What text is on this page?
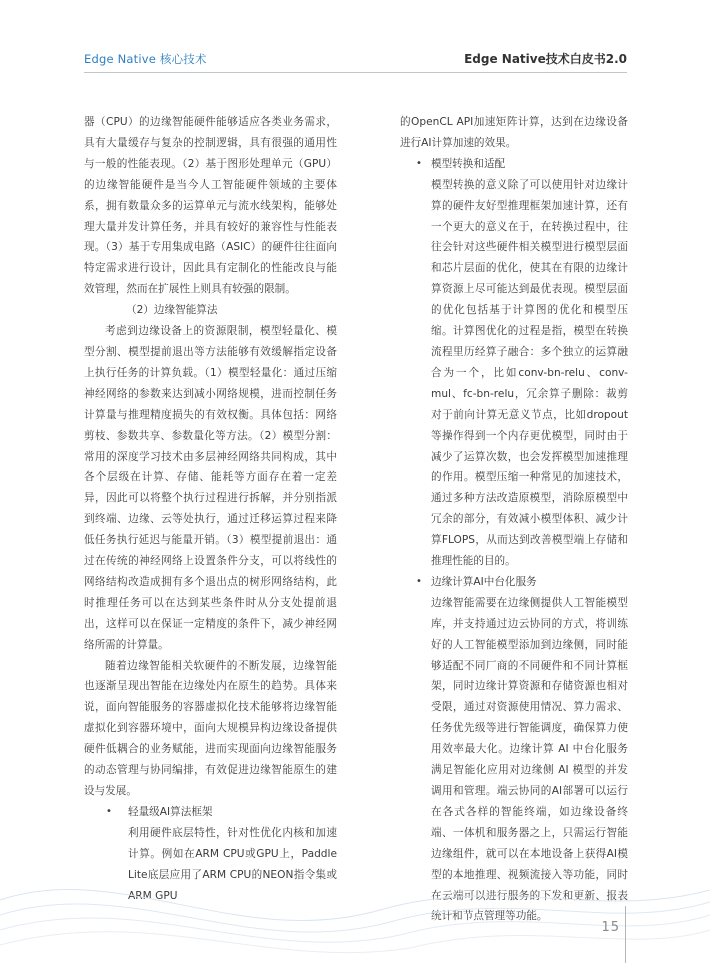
Edge Native 核心技术	Edge Native技术白皮书2.0

器（CPU）的边缘智能硬件能够适应各类业务需求，具有大量缓存与复杂的控制逻辑，具有很强的通用性与一般的性能表现。（2）基于图形处理单元（GPU）的边缘智能硬件是当今人工智能硬件领域的主要体系，拥有数量众多的运算单元与流水线架构，能够处理大量并发计算任务，并具有较好的兼容性与性能表现。（3）基于专用集成电路（ASIC）的硬件往往面向特定需求进行设计，因此具有定制化的性能改良与能效管理，然而在扩展性上则具有较强的限制。

（2）边缘智能算法

考虑到边缘设备上的资源限制，模型轻量化、模型分割、模型提前退出等方法能够有效缓解指定设备上执行任务的计算负载。（1）模型轻量化：通过压缩神经网络的参数来达到减小网络规模，进而控制任务计算量与推理精度损失的有效权衡。具体包括：网络剪枝、参数共享、参数量化等方法。（2）模型分割：常用的深度学习技术由多层神经网络共同构成，其中各个层级在计算、存储、能耗等方面存在着一定差异，因此可以将整个执行过程进行拆解，并分别指派到终端、边缘、云等处执行，通过迁移运算过程来降低任务执行延迟与能量开销。（3）模型提前退出：通过在传统的神经网络上设置条件分支，可以将线性的网络结构改造成拥有多个退出点的树形网络结构，此时推理任务可以在达到某些条件时从分支处提前退出，这样可以在保证一定精度的条件下，减少神经网络所需的计算量。

随着边缘智能相关软硬件的不断发展，边缘智能也逐渐呈现出智能在边缘处内在原生的趋势。具体来说，面向智能服务的容器虚拟化技术能够将边缘智能虚拟化到容器环境中，面向大规模异构边缘设备提供硬件低耦合的业务赋能，进而实现面向边缘智能服务的动态管理与协同编排，有效促进边缘智能原生的建设与发展。

• 轻量级AI算法框架

利用硬件底层特性，针对性优化内核和加速计算。例如在ARM CPU或GPU上，Paddle Lite底层应用了ARM CPU的NEON指令集或ARM GPU

的OpenCL API加速矩阵计算，达到在边缘设备进行AI计算加速的效果。

• 模型转换和适配

模型转换的意义除了可以使用针对边缘计算的硬件友好型推理框架加速计算，还有一个更大的意义在于，在转换过程中，往往会针对这些硬件相关模型进行模型层面和芯片层面的优化，使其在有限的边缘计算资源上尽可能达到最优表现。模型层面的优化包括基于计算图的优化和模型压缩。计算图优化的过程是指，模型在转换流程里历经算子融合：多个独立的运算融合为一个，比如conv-bn-relu、conv-mul、fc-bn-relu，冗余算子删除：裁剪对于前向计算无意义节点，比如dropout等操作得到一个内存更优模型，同时由于减少了运算次数，也会发挥模型加速推理的作用。模型压缩一种常见的加速技术，通过多种方法改造原模型，消除原模型中冗余的部分，有效减小模型体积、减少计算FLOPS，从而达到改善模型端上存储和推理性能的目的。

• 边缘计算AI中台化服务

边缘智能需要在边缘侧提供人工智能模型库，并支持通过边云协同的方式，将训练好的人工智能模型添加到边缘侧，同时能够适配不同厂商的不同硬件和不同计算框架，同时边缘计算资源和存储资源也相对受限，通过对资源使用情况、算力需求、任务优先级等进行智能调度，确保算力使用效率最大化。边缘计算 AI 中台化服务满足智能化应用对边缘侧 AI 模型的并发调用和管理。端云协同的AI部署可以运行在各式各样的智能终端，如边缘设备终端、一体机和服务器之上，只需运行智能边缘组件，就可以在本地设备上获得AI模型的本地推理、视频流接入等功能，同时在云端可以进行服务的下发和更新、报表统计和节点管理等功能。

15
